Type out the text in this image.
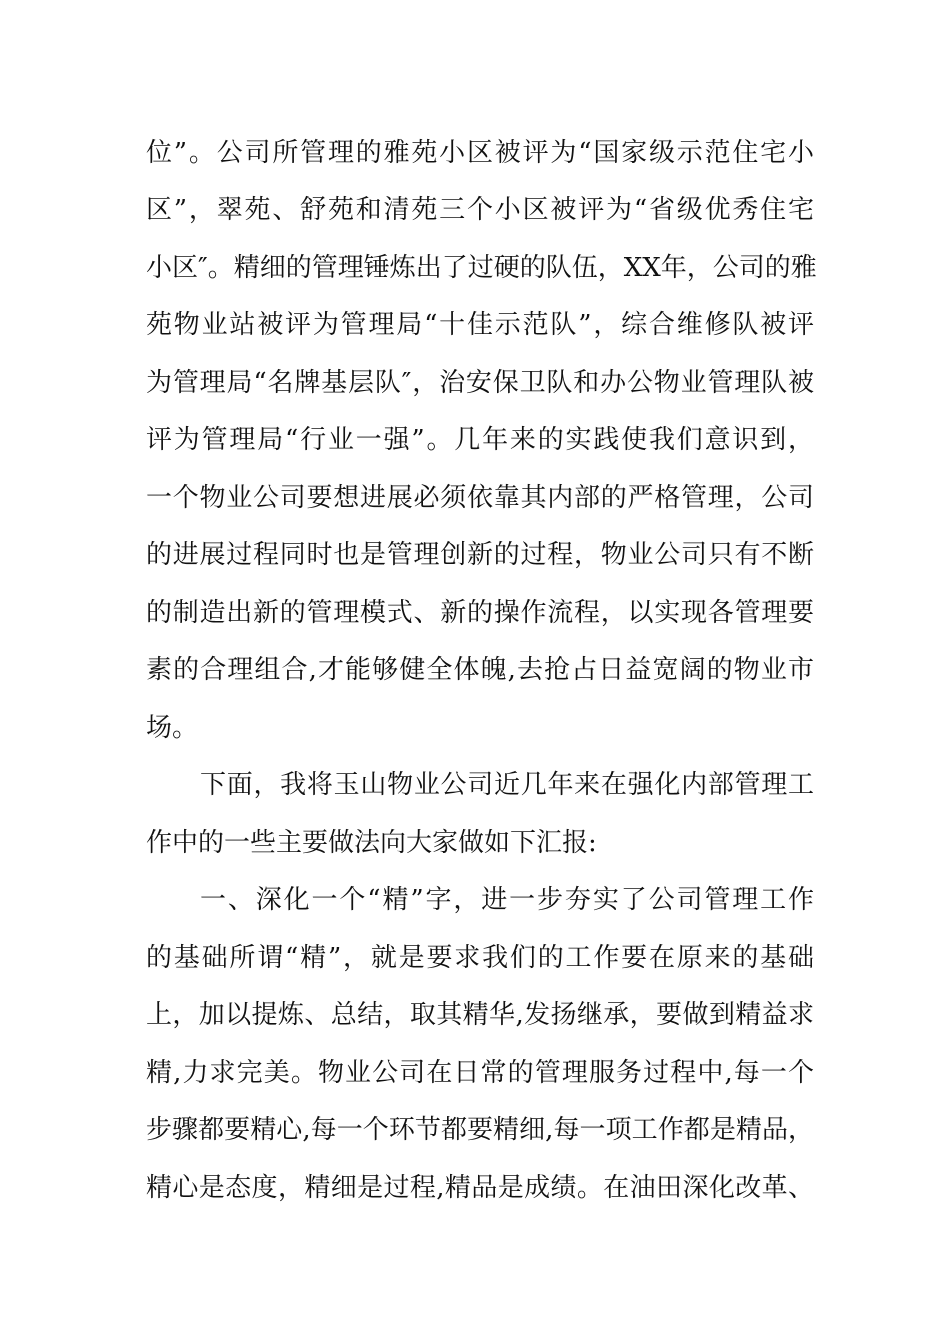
位”。公司所管理的雅苑小区被评为“国家级示范住宅小
区”，翠苑、舒苑和清苑三个小区被评为“省级优秀住宅
小区″。精细的管理锤炼出了过硬的队伍，XX年，公司的雅
苑物业站被评为管理局“十佳示范队”，综合维修队被评
为管理局“名牌基层队″，治安保卫队和办公物业管理队被
评为管理局“行业一强”。几年来的实践使我们意识到，
一个物业公司要想进展必须依靠其内部的严格管理，公司
的进展过程同时也是管理创新的过程，物业公司只有不断
的制造出新的管理模式、新的操作流程，以实现各管理要
素的合理组合,才能够健全体魄,去抢占日益宽阔的物业市
场。
下面，我将玉山物业公司近几年来在强化内部管理工
作中的一些主要做法向大家做如下汇报:
一、深化一个“精”字，进一步夯实了公司管理工作
的基础所谓“精”，就是要求我们的工作要在原来的基础
上，加以提炼、总结，取其精华,发扬继承，要做到精益求
精,力求完美。物业公司在日常的管理服务过程中,每一个
步骤都要精心,每一个环节都要精细,每一项工作都是精品，
精心是态度，精细是过程,精品是成绩。在油田深化改革、
